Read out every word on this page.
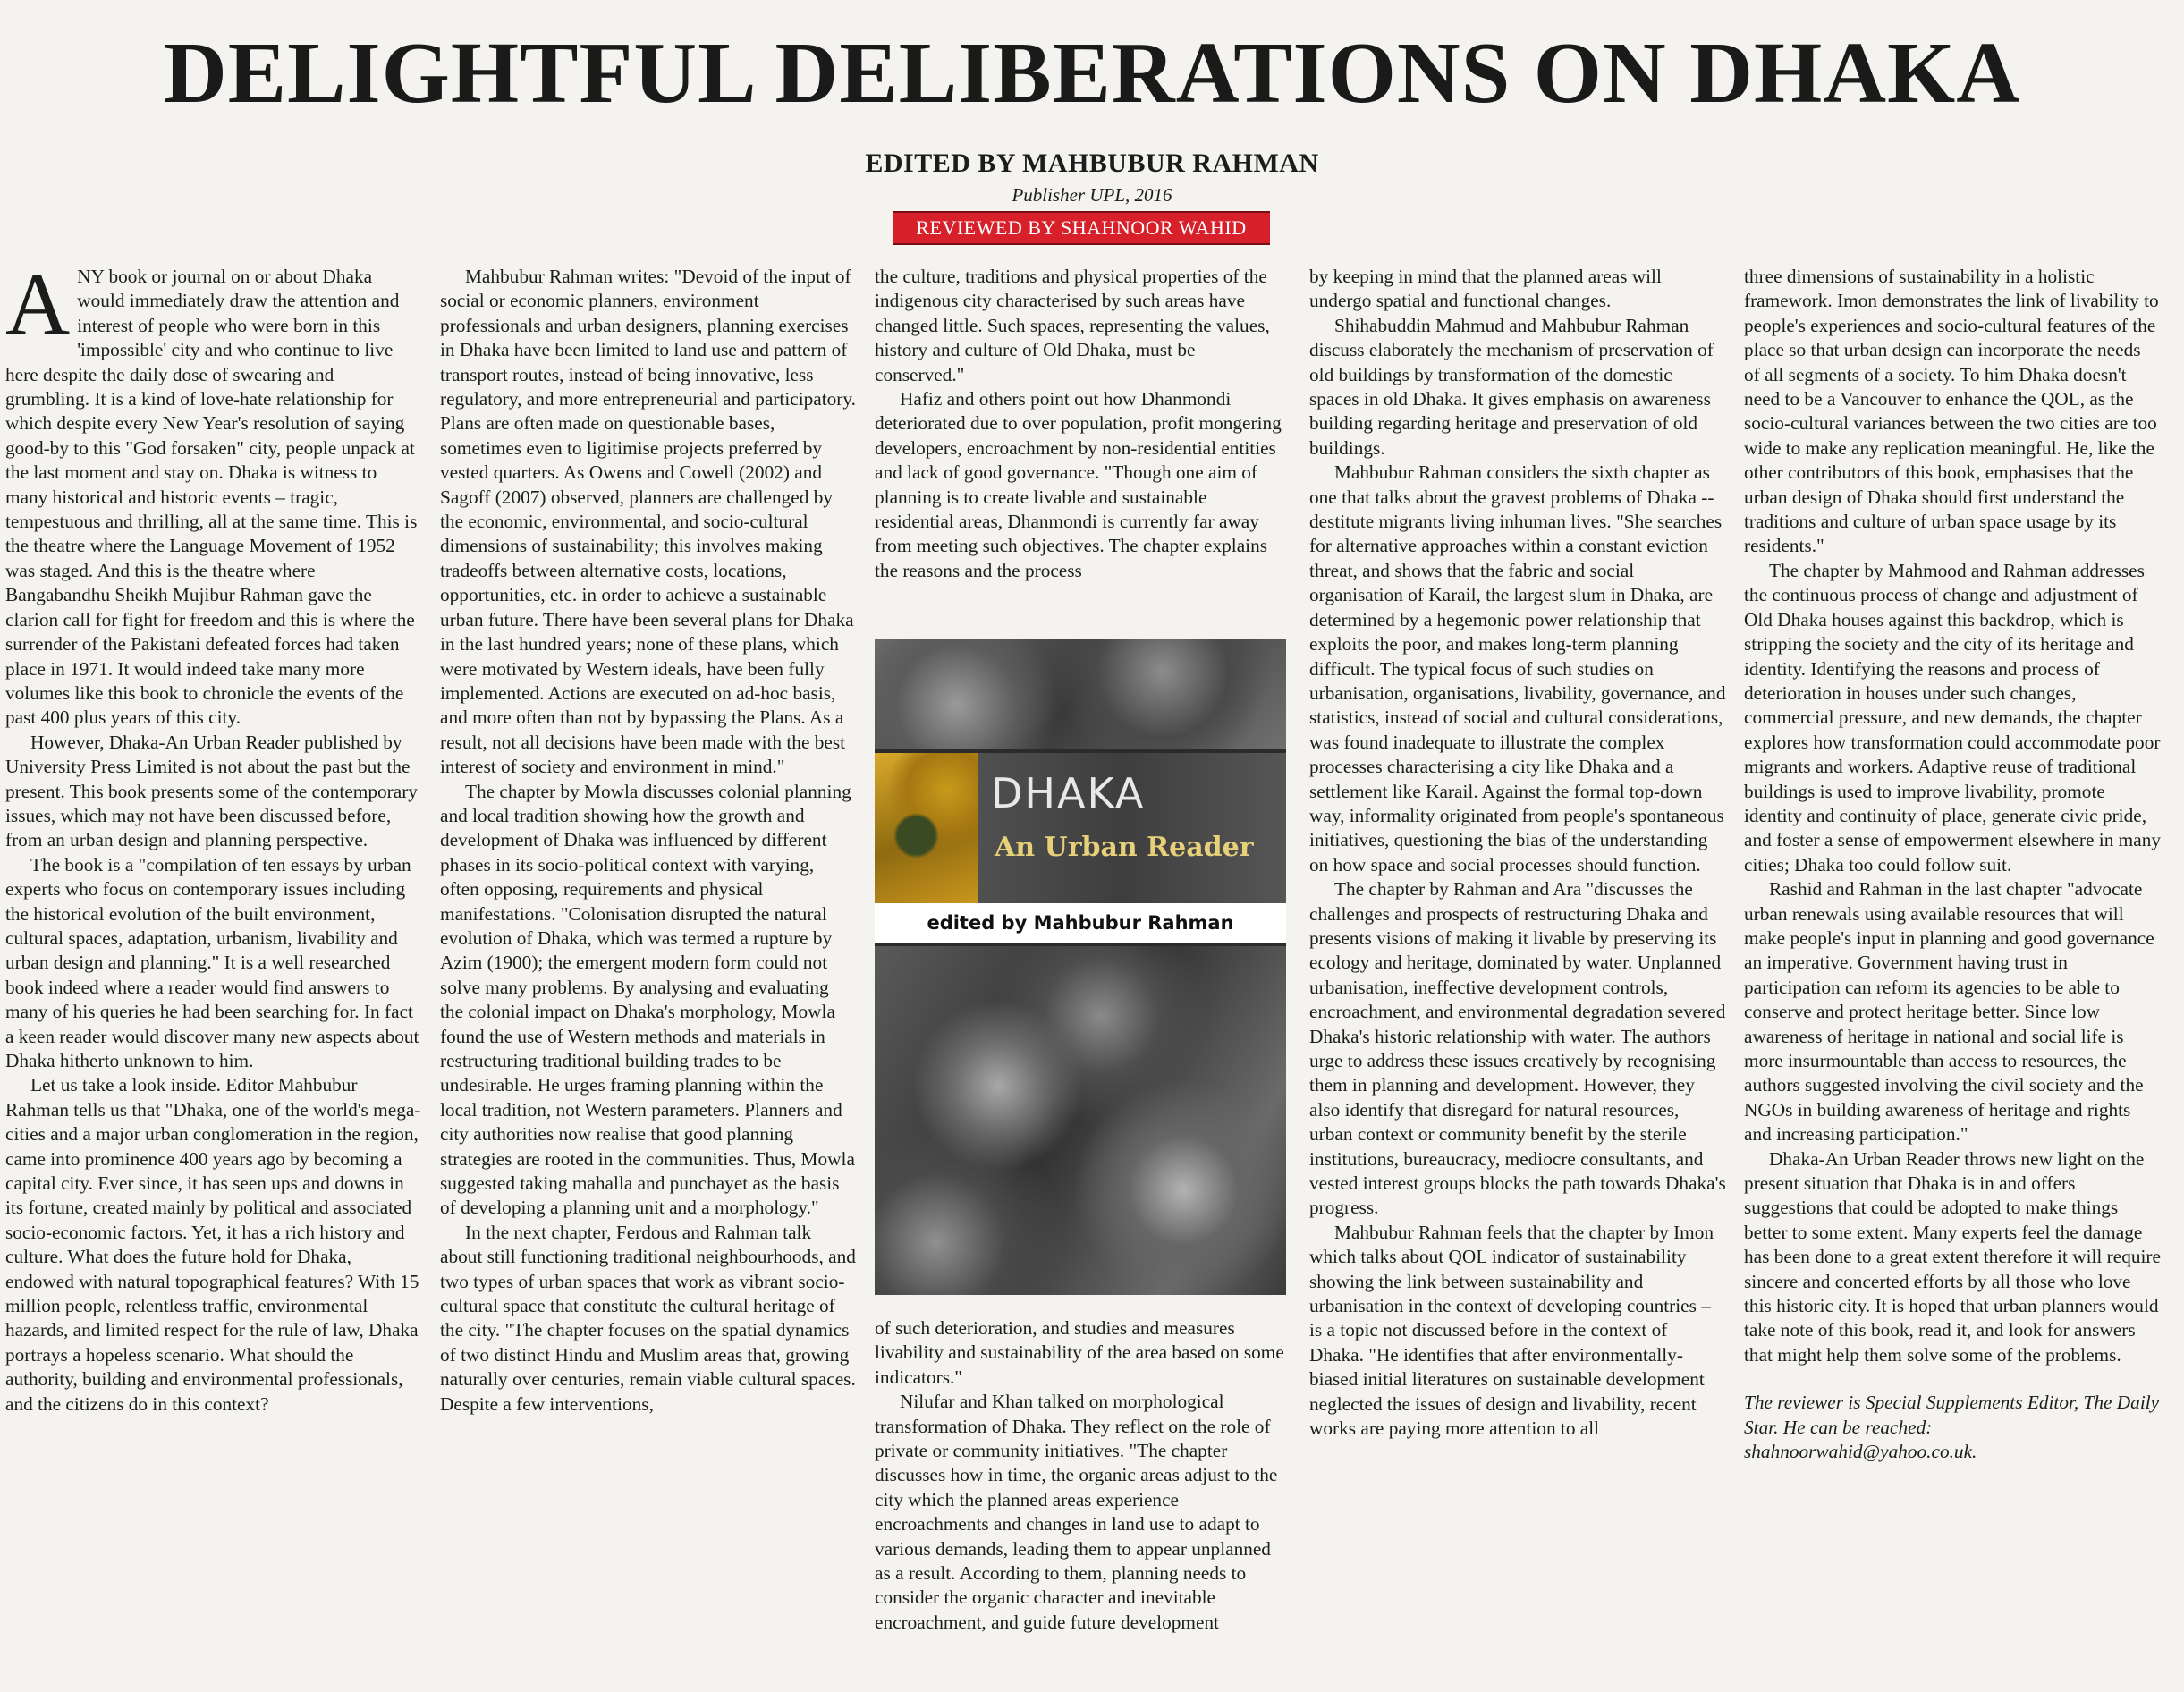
DELIGHTFUL DELIBERATIONS ON DHAKA
EDITED BY MAHBUBUR RAHMAN
Publisher UPL, 2016
REVIEWED BY SHAHNOOR WAHID

ANY book or journal on or about Dhaka would immediately draw the attention and interest of people who were born in this 'impossible' city and who continue to live here despite the daily dose of swearing and grumbling. It is a kind of love-hate relationship for which despite every New Year's resolution of saying good-by to this "God forsaken" city, people unpack at the last moment and stay on. Dhaka is witness to many historical and historic events – tragic, tempestuous and thrilling, all at the same time. This is the theatre where the Language Movement of 1952 was staged. And this is the theatre where Bangabandhu Sheikh Mujibur Rahman gave the clarion call for fight for freedom and this is where the surrender of the Pakistani defeated forces had taken place in 1971. It would indeed take many more volumes like this book to chronicle the events of the past 400 plus years of this city.

However, Dhaka-An Urban Reader published by University Press Limited is not about the past but the present. This book presents some of the contemporary issues, which may not have been discussed before, from an urban design and planning perspective.

The book is a "compilation of ten essays by urban experts who focus on contemporary issues including the historical evolution of the built environment, cultural spaces, adaptation, urbanism, livability and urban design and planning." It is a well researched book indeed where a reader would find answers to many of his queries he had been searching for. In fact a keen reader would discover many new aspects about Dhaka hitherto unknown to him.

Let us take a look inside. Editor Mahbubur Rahman tells us that "Dhaka, one of the world's mega-cities and a major urban conglomeration in the region, came into prominence 400 years ago by becoming a capital city. Ever since, it has seen ups and downs in its fortune, created mainly by political and associated socio-economic factors. Yet, it has a rich history and culture. What does the future hold for Dhaka, endowed with natural topographical features? With 15 million people, relentless traffic, environmental hazards, and limited respect for the rule of law, Dhaka portrays a hopeless scenario. What should the authority, building and environmental professionals, and the citizens do in this context?

Mahbubur Rahman writes: "Devoid of the input of social or economic planners, environment professionals and urban designers, planning exercises in Dhaka have been limited to land use and pattern of transport routes, instead of being innovative, less regulatory, and more entrepreneurial and participatory. Plans are often made on questionable bases, sometimes even to ligitimise projects preferred by vested quarters. As Owens and Cowell (2002) and Sagoff (2007) observed, planners are challenged by the economic, environmental, and socio-cultural dimensions of sustainability; this involves making tradeoffs between alternative costs, locations, opportunities, etc. in order to achieve a sustainable urban future. There have been several plans for Dhaka in the last hundred years; none of these plans, which were motivated by Western ideals, have been fully implemented. Actions are executed on ad-hoc basis, and more often than not by bypassing the Plans. As a result, not all decisions have been made with the best interest of society and environment in mind."

The chapter by Mowla discusses colonial planning and local tradition showing how the growth and development of Dhaka was influenced by different phases in its socio-political context with varying, often opposing, requirements and physical manifestations. "Colonisation disrupted the natural evolution of Dhaka, which was termed a rupture by Azim (1900); the emergent modern form could not solve many problems. By analysing and evaluating the colonial impact on Dhaka's morphology, Mowla found the use of Western methods and materials in restructuring traditional building trades to be undesirable. He urges framing planning within the local tradition, not Western parameters. Planners and city authorities now realise that good planning strategies are rooted in the communities. Thus, Mowla suggested taking mahalla and punchayet as the basis of developing a planning unit and a morphology."

In the next chapter, Ferdous and Rahman talk about still functioning traditional neighbourhoods, and two types of urban spaces that work as vibrant socio-cultural space that constitute the cultural heritage of the city. "The chapter focuses on the spatial dynamics of two distinct Hindu and Muslim areas that, growing naturally over centuries, remain viable cultural spaces. Despite a few interventions,

the culture, traditions and physical properties of the indigenous city characterised by such areas have changed little. Such spaces, representing the values, history and culture of Old Dhaka, must be conserved."

Hafiz and others point out how Dhanmondi deteriorated due to over population, profit mongering developers, encroachment by non-residential entities and lack of good governance. "Though one aim of planning is to create livable and sustainable residential areas, Dhanmondi is currently far away from meeting such objectives. The chapter explains the reasons and the process

DHAKA
An Urban Reader
edited by Mahbubur Rahman

of such deterioration, and studies and measures livability and sustainability of the area based on some indicators."

Nilufar and Khan talked on morphological transformation of Dhaka. They reflect on the role of private or community initiatives. "The chapter discusses how in time, the organic areas adjust to the city which the planned areas experience encroachments and changes in land use to adapt to various demands, leading them to appear unplanned as a result. According to them, planning needs to consider the organic character and inevitable encroachment, and guide future development

by keeping in mind that the planned areas will undergo spatial and functional changes.

Shihabuddin Mahmud and Mahbubur Rahman discuss elaborately the mechanism of preservation of old buildings by transformation of the domestic spaces in old Dhaka. It gives emphasis on awareness building regarding heritage and preservation of old buildings.

Mahbubur Rahman considers the sixth chapter as one that talks about the gravest problems of Dhaka -- destitute migrants living inhuman lives. "She searches for alternative approaches within a constant eviction threat, and shows that the fabric and social organisation of Karail, the largest slum in Dhaka, are determined by a hegemonic power relationship that exploits the poor, and makes long-term planning difficult. The typical focus of such studies on urbanisation, organisations, livability, governance, and statistics, instead of social and cultural considerations, was found inadequate to illustrate the complex processes characterising a city like Dhaka and a settlement like Karail. Against the formal top-down way, informality originated from people's spontaneous initiatives, questioning the bias of the understanding on how space and social processes should function.

The chapter by Rahman and Ara "discusses the challenges and prospects of restructuring Dhaka and presents visions of making it livable by preserving its ecology and heritage, dominated by water. Unplanned urbanisation, ineffective development controls, encroachment, and environmental degradation severed Dhaka's historic relationship with water. The authors urge to address these issues creatively by recognising them in planning and development. However, they also identify that disregard for natural resources, urban context or community benefit by the sterile institutions, bureaucracy, mediocre consultants, and vested interest groups blocks the path towards Dhaka's progress.

Mahbubur Rahman feels that the chapter by Imon which talks about QOL indicator of sustainability showing the link between sustainability and urbanisation in the context of developing countries – is a topic not discussed before in the context of Dhaka. "He identifies that after environmentally-biased initial literatures on sustainable development neglected the issues of design and livability, recent works are paying more attention to all

three dimensions of sustainability in a holistic framework. Imon demonstrates the link of livability to people's experiences and socio-cultural features of the place so that urban design can incorporate the needs of all segments of a society. To him Dhaka doesn't need to be a Vancouver to enhance the QOL, as the socio-cultural variances between the two cities are too wide to make any replication meaningful. He, like the other contributors of this book, emphasises that the urban design of Dhaka should first understand the traditions and culture of urban space usage by its residents."

The chapter by Mahmood and Rahman addresses the continuous process of change and adjustment of Old Dhaka houses against this backdrop, which is stripping the society and the city of its heritage and identity. Identifying the reasons and process of deterioration in houses under such changes, commercial pressure, and new demands, the chapter explores how transformation could accommodate poor migrants and workers. Adaptive reuse of traditional buildings is used to improve livability, promote identity and continuity of place, generate civic pride, and foster a sense of empowerment elsewhere in many cities; Dhaka too could follow suit.

Rashid and Rahman in the last chapter "advocate urban renewals using available resources that will make people's input in planning and good governance an imperative. Government having trust in participation can reform its agencies to be able to conserve and protect heritage better. Since low awareness of heritage in national and social life is more insurmountable than access to resources, the authors suggested involving the civil society and the NGOs in building awareness of heritage and rights and increasing participation."

Dhaka-An Urban Reader throws new light on the present situation that Dhaka is in and offers suggestions that could be adopted to make things better to some extent. Many experts feel the damage has been done to a great extent therefore it will require sincere and concerted efforts by all those who love this historic city. It is hoped that urban planners would take note of this book, read it, and look for answers that might help them solve some of the problems.

The reviewer is Special Supplements Editor, The Daily Star. He can be reached: shahnoorwahid@yahoo.co.uk.
